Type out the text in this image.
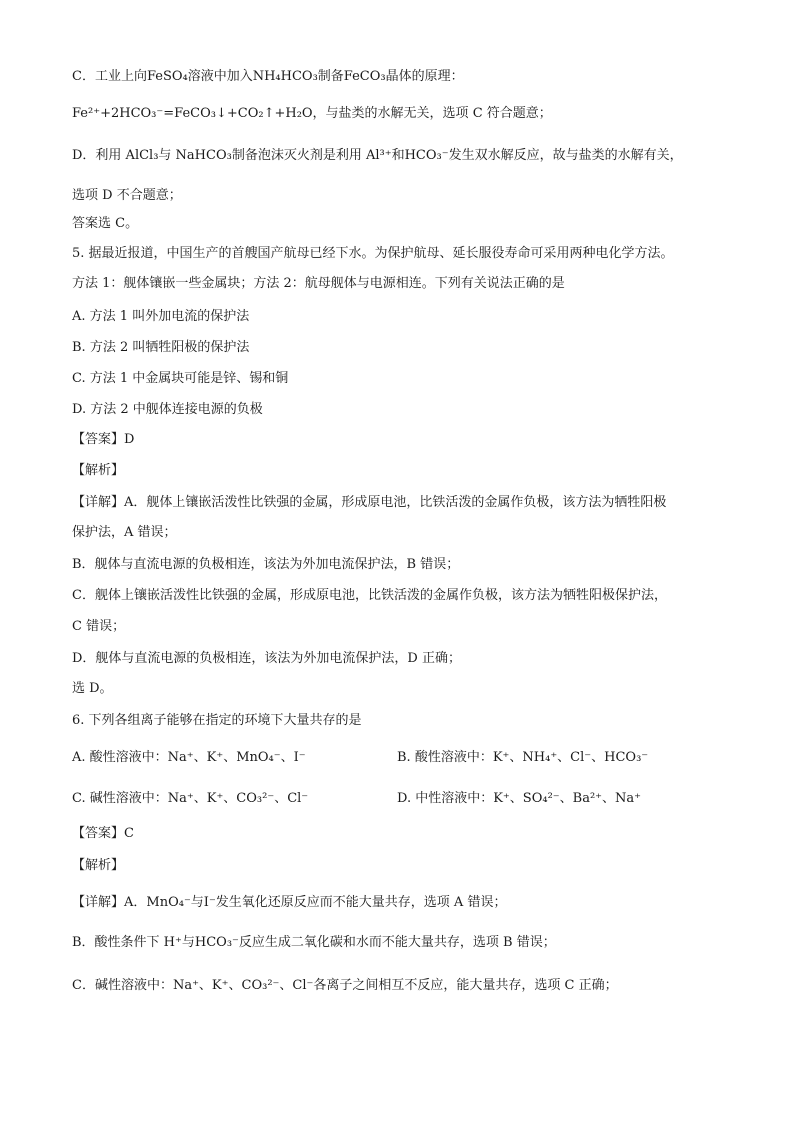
C．工业上向FeSO₄溶液中加入NH₄HCO₃制备FeCO₃晶体的原理：
Fe²⁺+2HCO₃⁻=FeCO₃↓+CO₂↑+H₂O，与盐类的水解无关，选项 C 符合题意；
D．利用 AlCl₃与 NaHCO₃制备泡沫灭火剂是利用 Al³⁺和HCO₃⁻发生双水解反应，故与盐类的水解有关，
选项 D 不合题意；
答案选 C。
5. 据最近报道，中国生产的首艘国产航母已经下水。为保护航母、延长服役寿命可采用两种电化学方法。
方法 1：舰体镶嵌一些金属块；方法 2：航母舰体与电源相连。下列有关说法正确的是
A. 方法 1 叫外加电流的保护法
B. 方法 2 叫牺牲阳极的保护法
C. 方法 1 中金属块可能是锌、锡和铜
D. 方法 2 中舰体连接电源的负极
【答案】D
【解析】
【详解】A．舰体上镶嵌活泼性比铁强的金属，形成原电池，比铁活泼的金属作负极，该方法为牺牲阳极
保护法，A 错误；
B．舰体与直流电源的负极相连，该法为外加电流保护法，B 错误；
C．舰体上镶嵌活泼性比铁强的金属，形成原电池，比铁活泼的金属作负极，该方法为牺牲阳极保护法，
C 错误；
D．舰体与直流电源的负极相连，该法为外加电流保护法，D 正确；
选 D。
6. 下列各组离子能够在指定的环境下大量共存的是
A. 酸性溶液中：Na⁺、K⁺、MnO₄⁻、I⁻	B. 酸性溶液中：K⁺、NH₄⁺、Cl⁻、HCO₃⁻
C. 碱性溶液中：Na⁺、K⁺、CO₃²⁻、Cl⁻	D. 中性溶液中：K⁺、SO₄²⁻、Ba²⁺、Na⁺
【答案】C
【解析】
【详解】A．MnO₄⁻与I⁻发生氧化还原反应而不能大量共存，选项 A 错误；
B．酸性条件下 H⁺与HCO₃⁻反应生成二氧化碳和水而不能大量共存，选项 B 错误；
C．碱性溶液中：Na⁺、K⁺、CO₃²⁻、Cl⁻各离子之间相互不反应，能大量共存，选项 C 正确；
